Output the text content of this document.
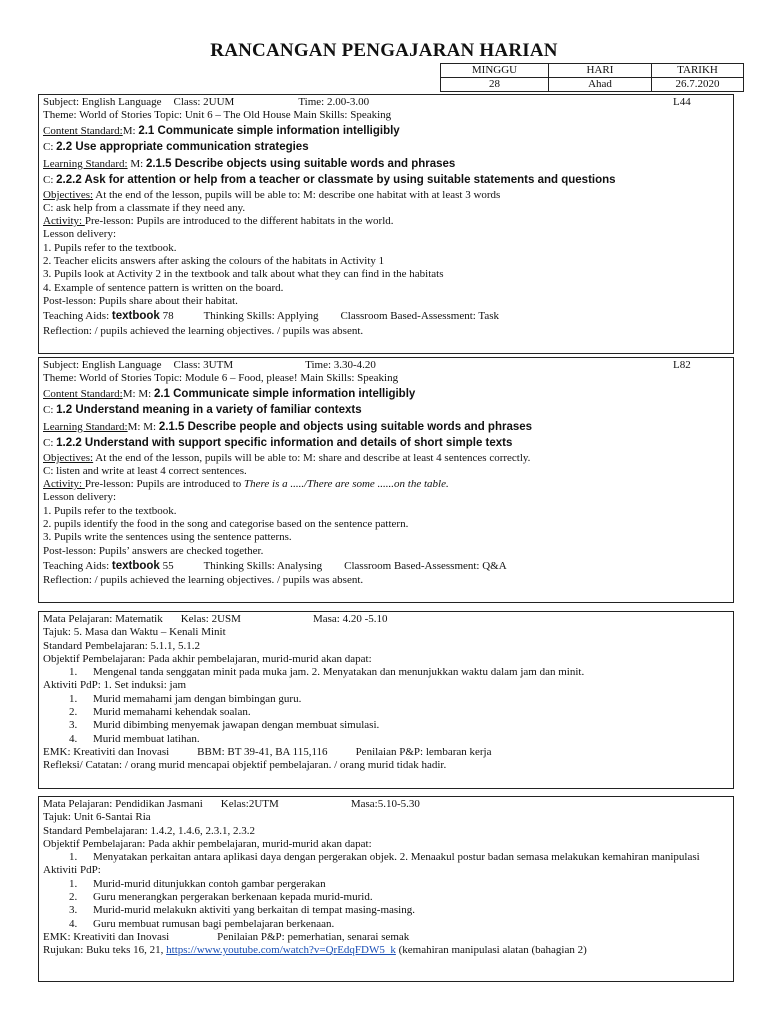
RANCANGAN PENGAJARAN HARIAN
MINGGU	HARI	TARIKH
28	Ahad	26.7.2020
Subject: English Language Class: 2UUM	Time: 2.00-3.00	L44
Theme: World of Stories Topic: Unit 6 – The Old House Main Skills: Speaking
Content Standard:M: 2.1 Communicate simple information intelligibly
C: 2.2 Use appropriate communication strategies
Learning Standard: M: 2.1.5 Describe objects using suitable words and phrases
C: 2.2.2 Ask for attention or help from a teacher or classmate by using suitable statements and questions
Objectives: At the end of the lesson, pupils will be able to: M: describe one habitat with at least 3 words
C: ask help from a classmate if they need any.
Activity: Pre-lesson: Pupils are introduced to the different habitats in the world.
Lesson delivery:
1. Pupils refer to the textbook.
2. Teacher elicits answers after asking the colours of the habitats in Activity 1
3. Pupils look at Activity 2 in the textbook and talk about what they can find in the habitats
4. Example of sentence pattern is written on the board.
Post-lesson: Pupils share about their habitat.
Teaching Aids: textbook 78	Thinking Skills: Applying Classroom Based-Assessment: Task
Reflection: / pupils achieved the learning objectives. / pupils was absent.
Subject: English Language Class: 3UTM	Time: 3.30-4.20	L82
Theme: World of Stories Topic: Module 6 – Food, please! Main Skills: Speaking
Content Standard:M: M: 2.1 Communicate simple information intelligibly
C: 1.2 Understand meaning in a variety of familiar contexts
Learning Standard:M: M: 2.1.5 Describe people and objects using suitable words and phrases
C: 1.2.2 Understand with support specific information and details of short simple texts
Objectives: At the end of the lesson, pupils will be able to: M: share and describe at least 4 sentences correctly.
C: listen and write at least 4 correct sentences.
Activity: Pre-lesson: Pupils are introduced to There is a ...../There are some ......on the table.
Lesson delivery:
1. Pupils refer to the textbook.
2. pupils identify the food in the song and categorise based on the sentence pattern.
3. Pupils write the sentences using the sentence patterns.
Post-lesson: Pupils’ answers are checked together.
Teaching Aids: textbook 55	Thinking Skills: Analysing Classroom Based-Assessment: Q&A
Reflection: / pupils achieved the learning objectives. / pupils was absent.
Mata Pelajaran: Matematik Kelas: 2USM	Masa: 4.20 -5.10
Tajuk: 5. Masa dan Waktu – Kenali Minit
Standard Pembelajaran: 5.1.1, 5.1.2
Objektif Pembelajaran: Pada akhir pembelajaran, murid-murid akan dapat:
1.	Mengenal tanda senggatan minit pada muka jam. 2. Menyatakan dan menunjukkan waktu dalam jam dan minit.
Aktiviti PdP: 1. Set induksi: jam
1.	Murid memahami jam dengan bimbingan guru.
2.	Murid memahami kehendak soalan.
3.	Murid dibimbing menyemak jawapan dengan membuat simulasi.
4.	Murid membuat latihan.
EMK: Kreativiti dan Inovasi	BBM: BT 39-41, BA 115,116	Penilaian P&P: lembaran kerja
Refleksi/ Catatan: / orang murid mencapai objektif pembelajaran. / orang murid tidak hadir.
Mata Pelajaran: Pendidikan Jasmani Kelas:2UTM	Masa:5.10-5.30
Tajuk: Unit 6-Santai Ria
Standard Pembelajaran: 1.4.2, 1.4.6, 2.3.1, 2.3.2
Objektif Pembelajaran: Pada akhir pembelajaran, murid-murid akan dapat:
1.	Menyatakan perkaitan antara aplikasi daya dengan pergerakan objek. 2. Menaakul postur badan semasa melakukan kemahiran manipulasi
Aktiviti PdP:
1.	Murid-murid ditunjukkan contoh gambar pergerakan
2.	Guru menerangkan pergerakan berkenaan kepada murid-murid.
3.	Murid-murid melakukn aktiviti yang berkaitan di tempat masing-masing.
4.	Guru membuat rumusan bagi pembelajaran berkenaan.
EMK: Kreativiti dan Inovasi	Penilaian P&P: pemerhatian, senarai semak
Rujukan: Buku teks 16, 21, https://www.youtube.com/watch?v=QrEdqFDW5_k (kemahiran manipulasi alatan (bahagian 2)
